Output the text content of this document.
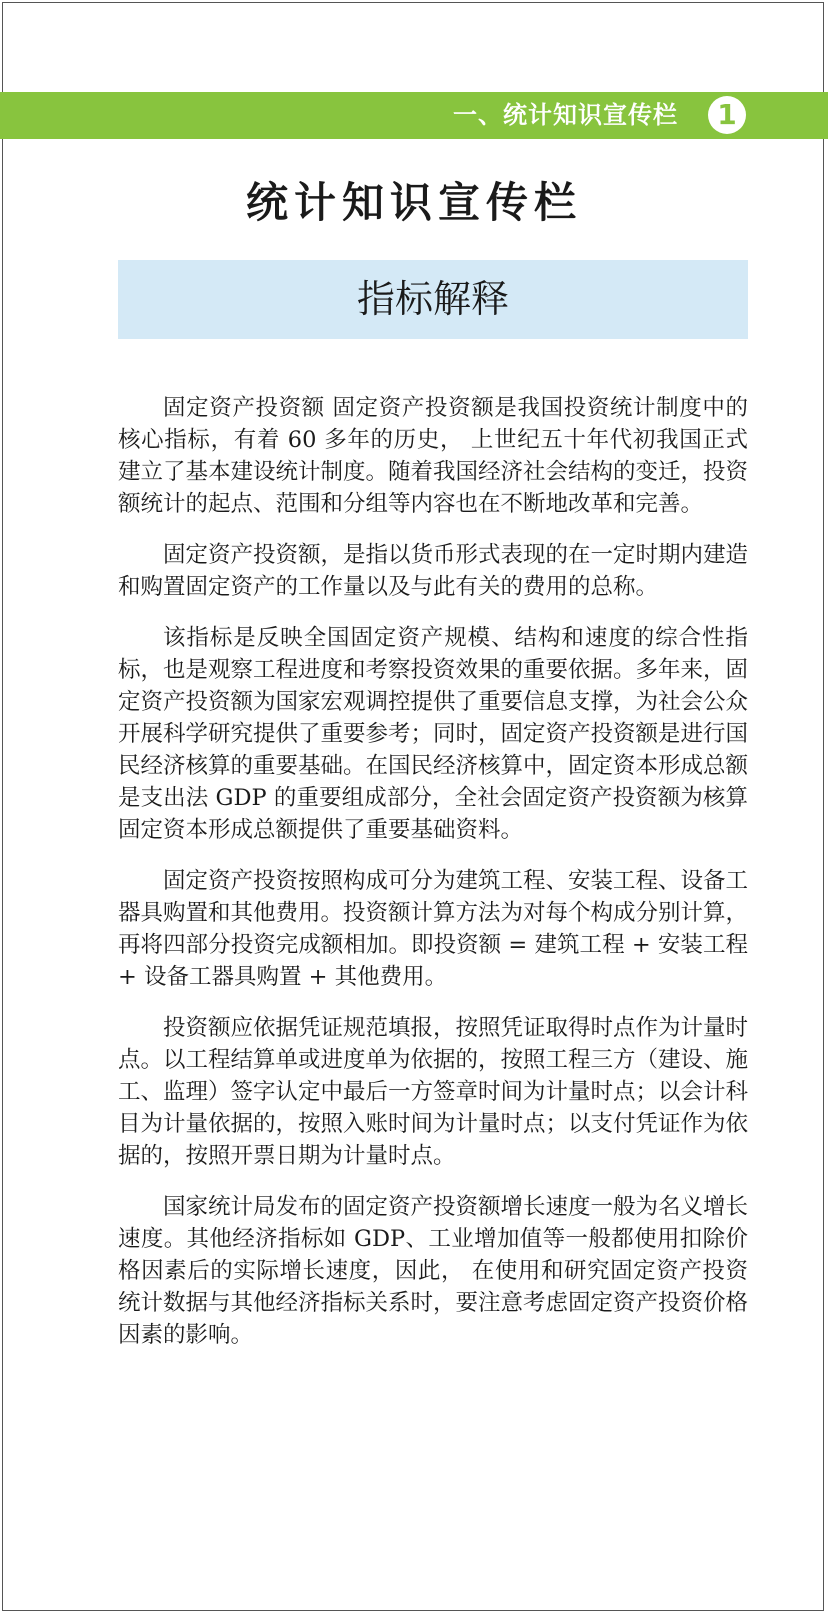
一、统计知识宣传栏	1
统计知识宣传栏
指标解释

固定资产投资额 固定资产投资额是我国投资统计制度中的核心指标，有着 60 多年的历史， 上世纪五十年代初我国正式建立了基本建设统计制度。随着我国经济社会结构的变迁，投资额统计的起点、范围和分组等内容也在不断地改革和完善。

固定资产投资额，是指以货币形式表现的在一定时期内建造和购置固定资产的工作量以及与此有关的费用的总称。

该指标是反映全国固定资产规模、结构和速度的综合性指标，也是观察工程进度和考察投资效果的重要依据。多年来，固定资产投资额为国家宏观调控提供了重要信息支撑，为社会公众开展科学研究提供了重要参考；同时，固定资产投资额是进行国民经济核算的重要基础。在国民经济核算中，固定资本形成总额是支出法 GDP 的重要组成部分，全社会固定资产投资额为核算固定资本形成总额提供了重要基础资料。

固定资产投资按照构成可分为建筑工程、安装工程、设备工器具购置和其他费用。投资额计算方法为对每个构成分别计算，再将四部分投资完成额相加。即投资额 = 建筑工程 + 安装工程 + 设备工器具购置 + 其他费用。

投资额应依据凭证规范填报，按照凭证取得时点作为计量时点。以工程结算单或进度单为依据的，按照工程三方（建设、施工、监理）签字认定中最后一方签章时间为计量时点；以会计科目为计量依据的，按照入账时间为计量时点；以支付凭证作为依据的，按照开票日期为计量时点。

国家统计局发布的固定资产投资额增长速度一般为名义增长速度。其他经济指标如 GDP、工业增加值等一般都使用扣除价格因素后的实际增长速度，因此， 在使用和研究固定资产投资统计数据与其他经济指标关系时，要注意考虑固定资产投资价格因素的影响。
